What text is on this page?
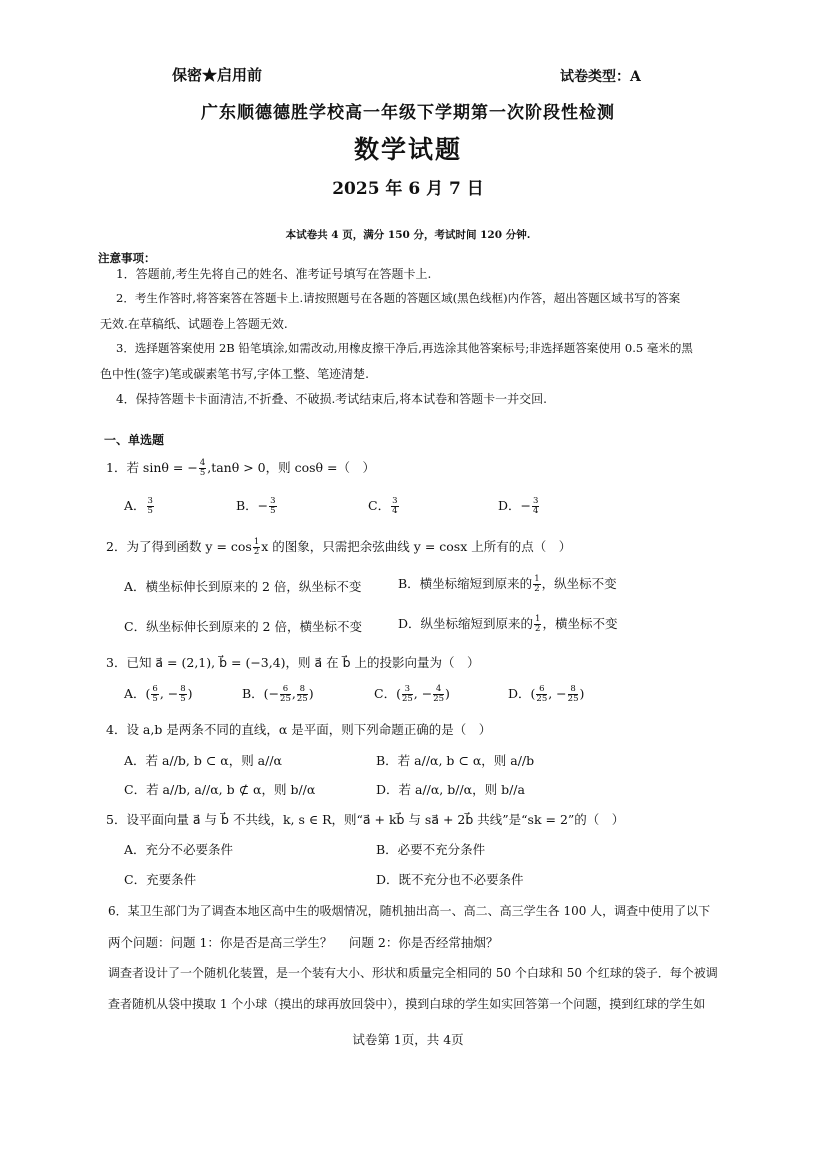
保密★启用前	试卷类型：A
广东顺德德胜学校高一年级下学期第一次阶段性检测
数学试题
2025 年 6 月 7 日
本试卷共 4 页，满分 150 分，考试时间 120 分钟.
注意事项：
1．答题前,考生先将自己的姓名、准考证号填写在答题卡上.
2．考生作答时,将答案答在答题卡上.请按照题号在各题的答题区域(黑色线框)内作答，超出答题区域书写的答案
无效.在草稿纸、试题卷上答题无效.
3．选择题答案使用 2B 铅笔填涂,如需改动,用橡皮擦干净后,再选涂其他答案标号;非选择题答案使用 0.5 毫米的黑
色中性(签字)笔或碳素笔书写,字体工整、笔迹清楚.
4．保持答题卡卡面清洁,不折叠、不破损.考试结束后,将本试卷和答题卡一并交回.
一、单选题
1．若 sinθ = − $\frac{4}{5} ,\tan\theta > 0$，则 cosθ =（　）
A． $\frac{3}{5}$	B．− $\frac{3}{5}$	C． $\frac{3}{4}$	D．− $\frac{3}{4}$
2．为了得到函数 $y = \cos \frac{1}{2}$ x 的图象，只需把余弦曲线 y = cosx 上所有的点（　）
A．横坐标伸长到原来的 2 倍，纵坐标不变	B．横坐标缩短到原来的 $\frac{1}{2}$ ，纵坐标不变
C．纵坐标伸长到原来的 2 倍，横坐标不变	D．纵坐标缩短到原来的 $\frac{1}{2}$ ，横坐标不变
3．已知 a⃗ = (2,1), b⃗ = (−3,4)，则 a⃗ 在 b⃗ 上的投影向量为（　）
A．( $\frac{6}{5}$ , − $\frac{8}{5}$ )	B．(− $\frac{6}{25}$ , $\frac{8}{25}$ )	C．( $\frac{3}{25}$ , − $\frac{4}{25}$ )	D．( $\frac{6}{25}$ , − $\frac{8}{25}$ )
4．设 a,b 是两条不同的直线，α 是平面，则下列命题正确的是（　）
A．若 a//b, b ⊂ α，则 a//α	B．若 a//α, b ⊂ α，则 a//b
C．若 a//b, a//α, b ⊄ α，则 b//α	D．若 a//α, b//α，则 b//a
5．设平面向量 a⃗ 与 b⃗ 不共线，k, s ∈ R，则“a⃗ + kb⃗ 与 sa⃗ + 2b⃗ 共线”是“sk = 2”的（　）
A．充分不必要条件	B．必要不充分条件
C．充要条件	D．既不充分也不必要条件
6．某卫生部门为了调查本地区高中生的吸烟情况，随机抽出高一、高二、高三学生各 100 人，调查中使用了以下
两个问题：问题 1：你是否是高三学生？　 问题 2：你是否经常抽烟？
调查者设计了一个随机化装置，是一个装有大小、形状和质量完全相同的 50 个白球和 50 个红球的袋子．每个被调
查者随机从袋中摸取 1 个小球（摸出的球再放回袋中），摸到白球的学生如实回答第一个问题，摸到红球的学生如
试卷第 1页，共 4页
